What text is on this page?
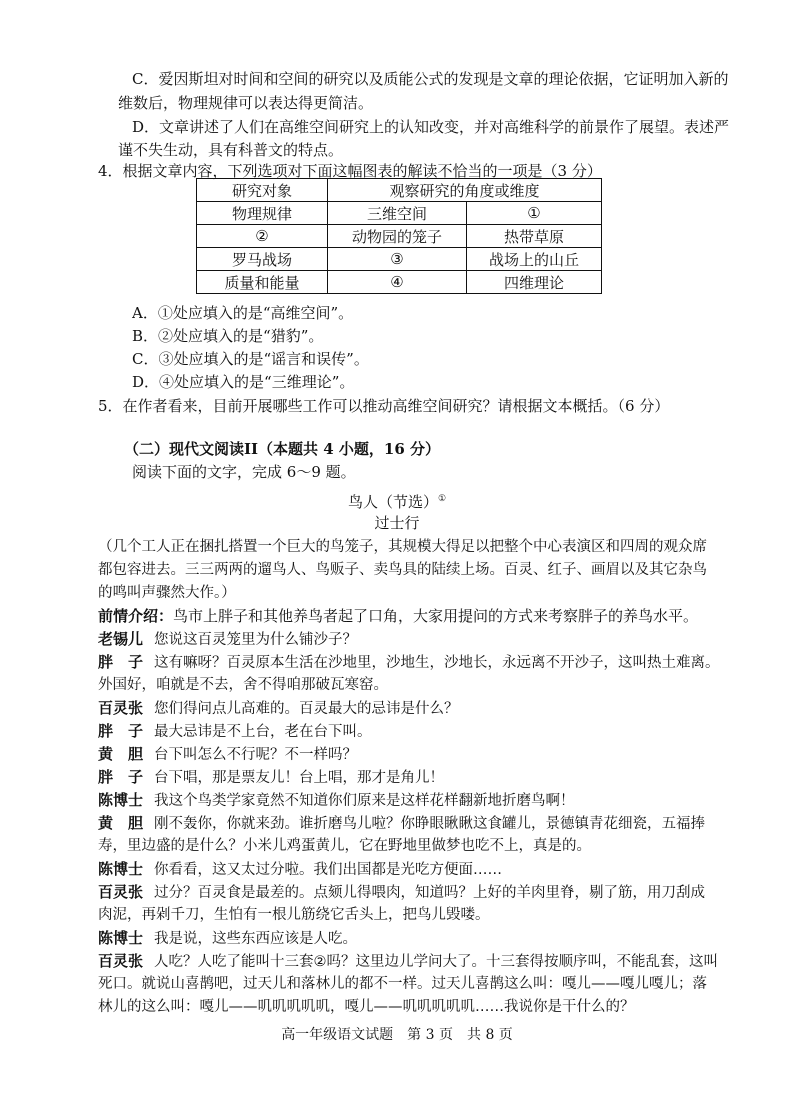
C．爱因斯坦对时间和空间的研究以及质能公式的发现是文章的理论依据，它证明加入新的
维数后，物理规律可以表达得更简洁。
D．文章讲述了人们在高维空间研究上的认知改变，并对高维科学的前景作了展望。表述严
谨不失生动，具有科普文的特点。
4．根据文章内容，下列选项对下面这幅图表的解读不恰当的一项是（3 分）
研究对象	观察研究的角度或维度	
物理规律	三维空间	①
②	动物园的笼子	热带草原
罗马战场	③	战场上的山丘
质量和能量	④	四维理论
A．①处应填入的是“高维空间”。
B．②处应填入的是“猎豹”。
C．③处应填入的是“谣言和误传”。
D．④处应填入的是“三维理论”。
5．在作者看来，目前开展哪些工作可以推动高维空间研究？请根据文本概括。（6 分）
（二）现代文阅读II（本题共 4 小题，16 分）
阅读下面的文字，完成 6～9 题。
鸟人（节选）①
过士行
（几个工人正在捆扎搭置一个巨大的鸟笼子，其规模大得足以把整个中心表演区和四周的观众席
都包容进去。三三两两的遛鸟人、鸟贩子、卖鸟具的陆续上场。百灵、红子、画眉以及其它杂鸟
的鸣叫声骤然大作。）
前情介绍：鸟市上胖子和其他养鸟者起了口角，大家用提问的方式来考察胖子的养鸟水平。
老锡儿 您说这百灵笼里为什么铺沙子？
胖　子 这有嘛呀？百灵原本生活在沙地里，沙地生，沙地长，永远离不开沙子，这叫热土难离。
外国好，咱就是不去，舍不得咱那破瓦寒窑。
百灵张 您们得问点儿高难的。百灵最大的忌讳是什么？
胖　子 最大忌讳是不上台，老在台下叫。
黄　胆 台下叫怎么不行呢？不一样吗？
胖　子 台下唱，那是票友儿！台上唱，那才是角儿！
陈博士 我这个鸟类学家竟然不知道你们原来是这样花样翻新地折磨鸟啊！
黄　胆 刚不轰你，你就来劲。谁折磨鸟儿啦？你睁眼瞅瞅这食罐儿，景德镇青花细瓷，五福捧
寿，里边盛的是什么？小米儿鸡蛋黄儿，它在野地里做梦也吃不上，真是的。
陈博士 你看看，这又太过分啦。我们出国都是光吃方便面……
百灵张 过分？百灵食是最差的。点颏儿得喂肉，知道吗？上好的羊肉里脊，剔了筋，用刀刮成
肉泥，再剁千刀，生怕有一根儿筋绕它舌头上，把鸟儿毁喽。
陈博士 我是说，这些东西应该是人吃。
百灵张 人吃？人吃了能叫十三套②吗？这里边儿学问大了。十三套得按顺序叫，不能乱套，这叫
死口。就说山喜鹊吧，过天儿和落林儿的都不一样。过天儿喜鹊这么叫：嘎儿——嘎儿嘎儿；落
林儿的这么叫：嘎儿——叽叽叽叽叽，嘎儿——叽叽叽叽叽……我说你是干什么的？
高一年级语文试题　第 3 页　共 8 页
